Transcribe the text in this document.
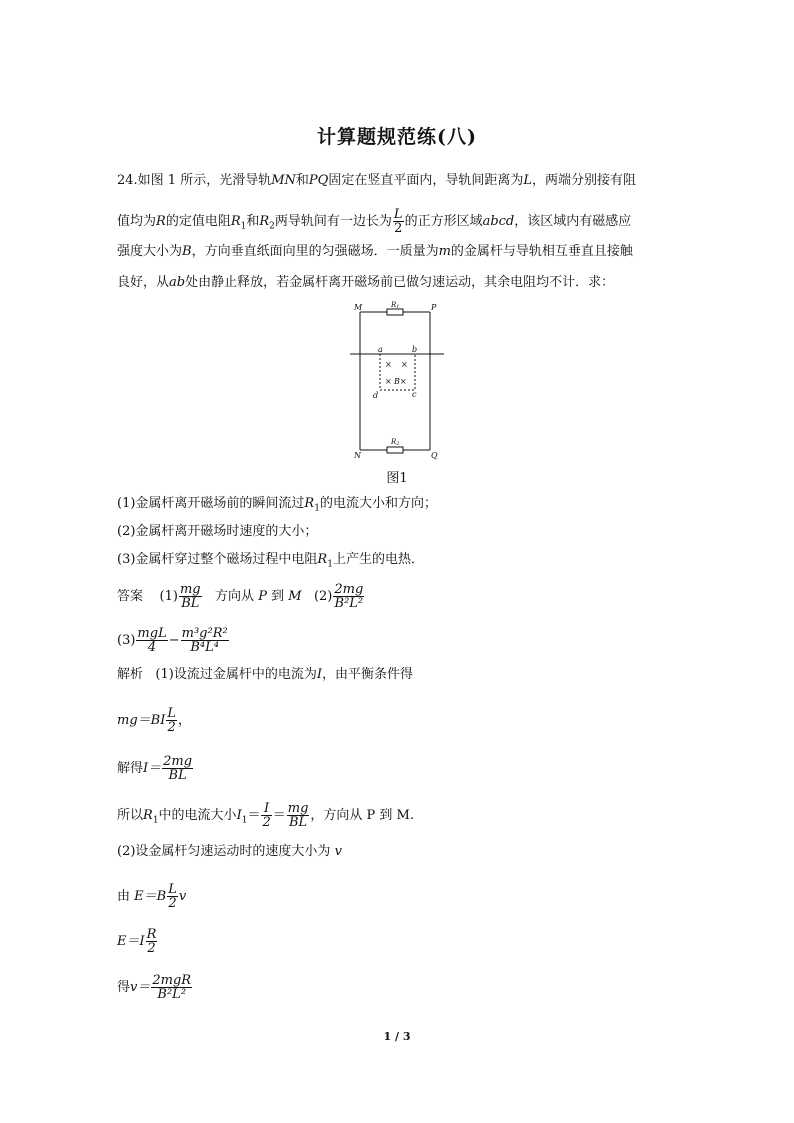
计算题规范练(八)
24.如图 1 所示，光滑导轨MN和PQ固定在竖直平面内，导轨间距离为L，两端分别接有阻
值均为R的定值电阻$R_1$和$R_2$两导轨间有一边长为 $\frac{L}{2}$ 的正方形区域abcd，该区域内有磁感应
强度大小为B，方向垂直纸面向里的匀强磁场．一质量为m的金属杆与导轨相互垂直且接触
良好，从ab处由静止释放，若金属杆离开磁场前已做匀速运动，其余电阻均不计．求：
M	P
N	Q
a	b
c
d
R1
R2
× ×
× B×
图1
(1)金属杆离开磁场前的瞬间流过$R_1$的电流大小和方向；
(2)金属杆离开磁场时速度的大小；
(3)金属杆穿过整个磁场过程中电阻$R_1$上产生的电热．
答案 $(1) \frac{mg}{BL}$ 方向从 P 到 M $(2) \frac{2mg}{\text{B²L²}}$
$(3) \frac{\text{mgL}}{4} - \frac{\text{m³g²R²}}{\text{B⁴L⁴}}$
解析 (1)设流过金属杆中的电流为I，由平衡条件得
$mg=BI \frac{L}{2}$ ，
解得$I= \frac{2mg}{BL}$
所以$R_1$中的电流大小$I_1= \frac{I}{2} = \frac{mg}{BL}$ ，方向从 P 到 M.
(2)设金属杆匀速运动时的速度大小为 v
由 $E=B \frac{L}{2}$ v
$E=I \frac{R}{2}$
得$v= \frac{\text{2mgR}}{\text{B²L²}}$
1 / 3
